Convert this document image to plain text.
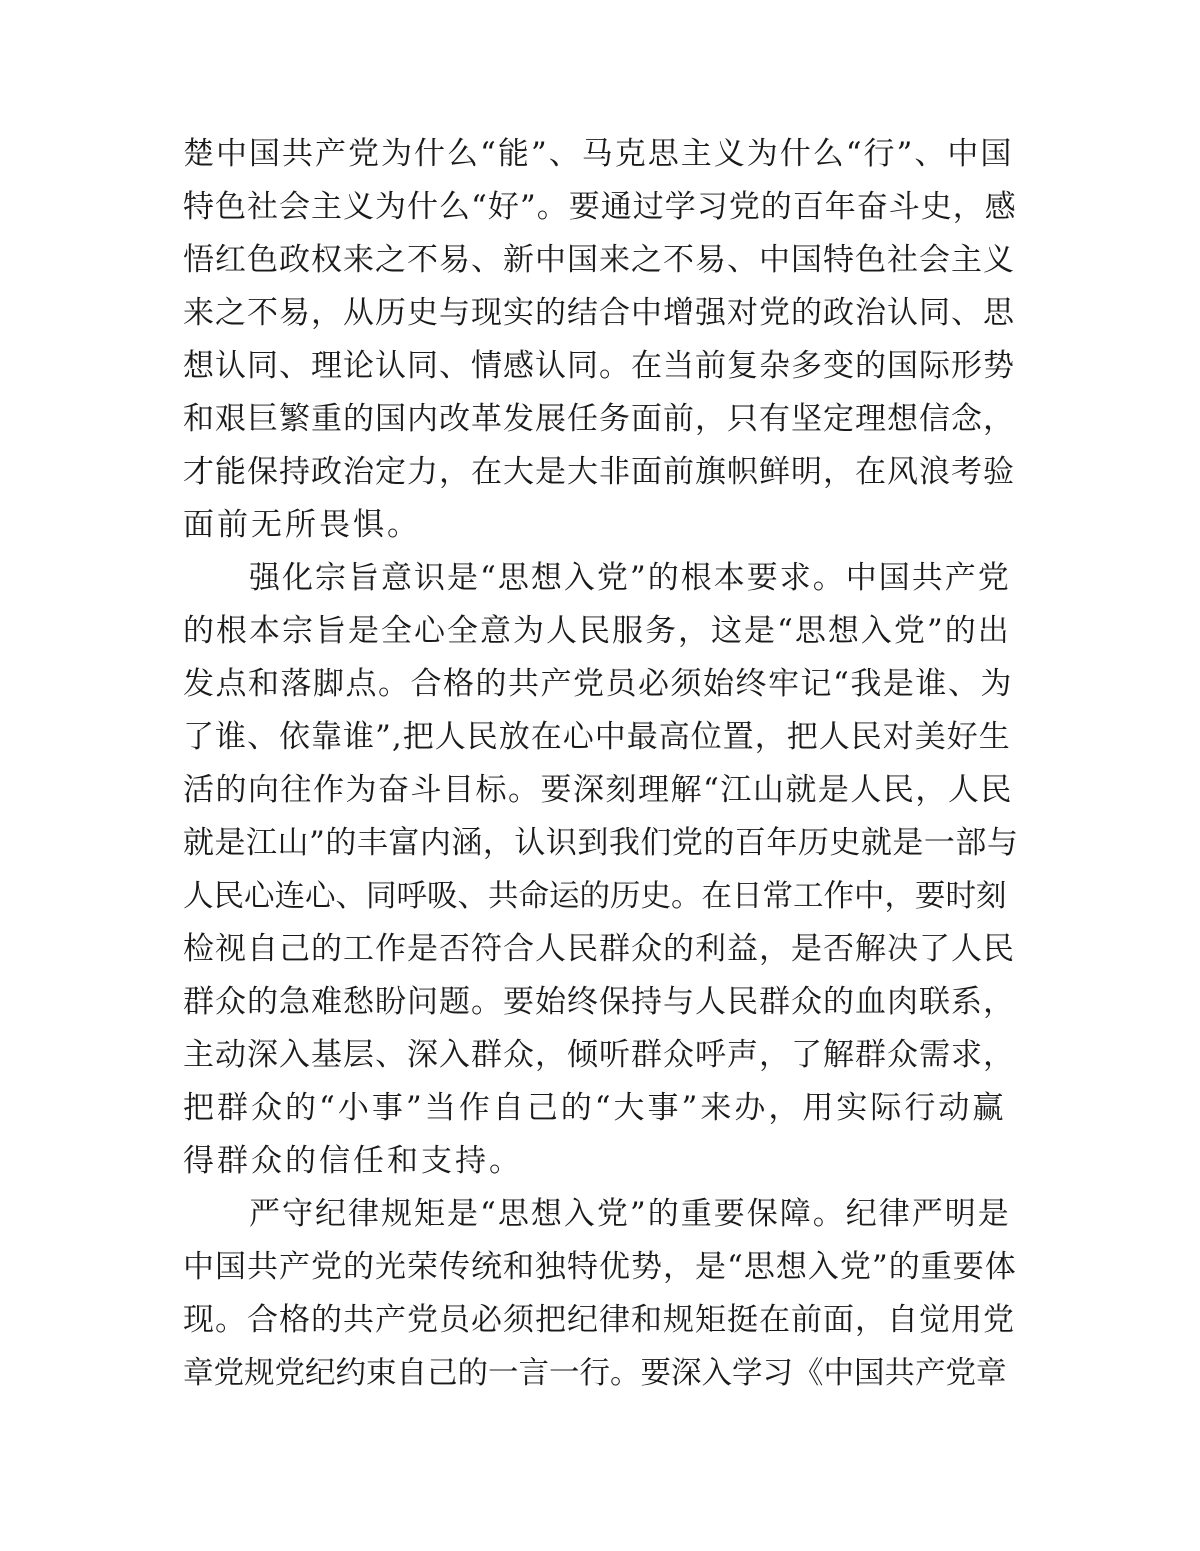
楚中国共产党为什么“能”、马克思主义为什么“行”、中国
特色社会主义为什么“好”。要通过学习党的百年奋斗史，感
悟红色政权来之不易、新中国来之不易、中国特色社会主义
来之不易，从历史与现实的结合中增强对党的政治认同、思
想认同、理论认同、情感认同。在当前复杂多变的国际形势
和艰巨繁重的国内改革发展任务面前，只有坚定理想信念，
才能保持政治定力，在大是大非面前旗帜鲜明，在风浪考验
面前无所畏惧。

　　强化宗旨意识是“思想入党”的根本要求。中国共产党
的根本宗旨是全心全意为人民服务，这是“思想入党”的出
发点和落脚点。合格的共产党员必须始终牢记“我是谁、为
了谁、依靠谁”,把人民放在心中最高位置，把人民对美好生
活的向往作为奋斗目标。要深刻理解“江山就是人民，人民
就是江山”的丰富内涵，认识到我们党的百年历史就是一部与
人民心连心、同呼吸、共命运的历史。在日常工作中，要时刻
检视自己的工作是否符合人民群众的利益，是否解决了人民
群众的急难愁盼问题。要始终保持与人民群众的血肉联系，
主动深入基层、深入群众，倾听群众呼声，了解群众需求，
把群众的“小事”当作自己的“大事”来办，用实际行动赢
得群众的信任和支持。

　　严守纪律规矩是“思想入党”的重要保障。纪律严明是
中国共产党的光荣传统和独特优势，是“思想入党”的重要体
现。合格的共产党员必须把纪律和规矩挺在前面，自觉用党
章党规党纪约束自己的一言一行。要深入学习《中国共产党章
